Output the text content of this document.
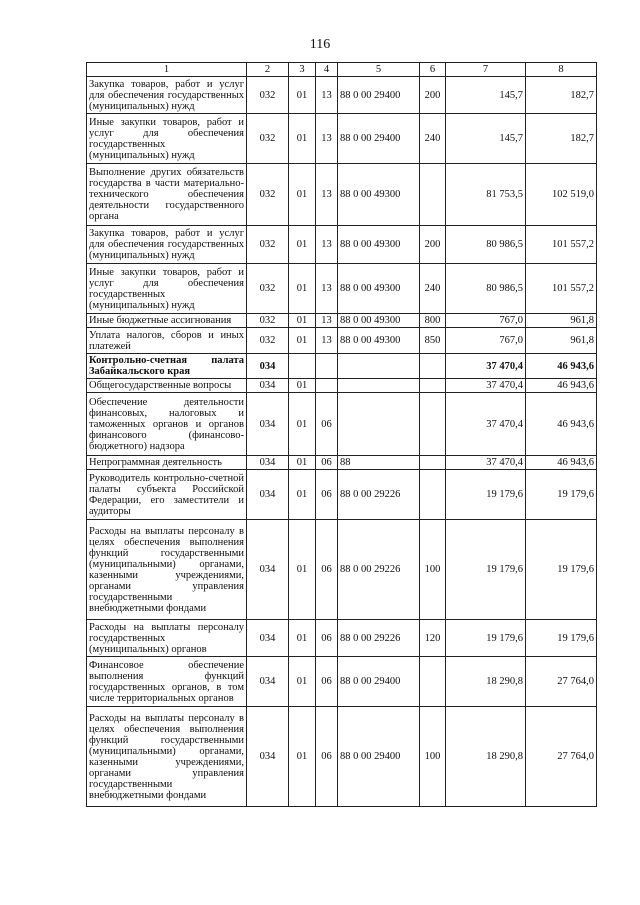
116
1	2	3	4	5	6	7	8
Закупка товаров, работ и услуг для обеспечения государственных (муниципальных) нужд	032	01	13	88 0 00 29400	200	145,7	182,7
Иные закупки товаров, работ и услуг для обеспечения государственных (муниципальных) нужд	032	01	13	88 0 00 29400	240	145,7	182,7
Выполнение других обязательств государства в части материально-технического обеспечения деятельности государственного органа	032	01	13	88 0 00 49300		81 753,5	102 519,0
Закупка товаров, работ и услуг для обеспечения государственных (муниципальных) нужд	032	01	13	88 0 00 49300	200	80 986,5	101 557,2
Иные закупки товаров, работ и услуг для обеспечения государственных (муниципальных) нужд	032	01	13	88 0 00 49300	240	80 986,5	101 557,2
Иные бюджетные ассигнования	032	01	13	88 0 00 49300	800	767,0	961,8
Уплата налогов, сборов и иных платежей	032	01	13	88 0 00 49300	850	767,0	961,8
Контрольно-счетная палата Забайкальского края	034					37 470,4	46 943,6
Общегосударственные вопросы	034	01				37 470,4	46 943,6
Обеспечение деятельности финансовых, налоговых и таможенных органов и органов финансового (финансово-бюджетного) надзора	034	01	06			37 470,4	46 943,6
Непрограммная деятельность	034	01	06	88		37 470,4	46 943,6
Руководитель контрольно-счетной палаты субъекта Российской Федерации, его заместители и аудиторы	034	01	06	88 0 00 29226		19 179,6	19 179,6
Расходы на выплаты персоналу в целях обеспечения выполнения функций государственными (муниципальными) органами, казенными учреждениями, органами управления государственными внебюджетными фондами	034	01	06	88 0 00 29226	100	19 179,6	19 179,6
Расходы на выплаты персоналу государственных (муниципальных) органов	034	01	06	88 0 00 29226	120	19 179,6	19 179,6
Финансовое обеспечение выполнения функций государственных органов, в том числе территориальных органов	034	01	06	88 0 00 29400		18 290,8	27 764,0
Расходы на выплаты персоналу в целях обеспечения выполнения функций государственными (муниципальными) органами, казенными учреждениями, органами управления государственными внебюджетными фондами	034	01	06	88 0 00 29400	100	18 290,8	27 764,0
